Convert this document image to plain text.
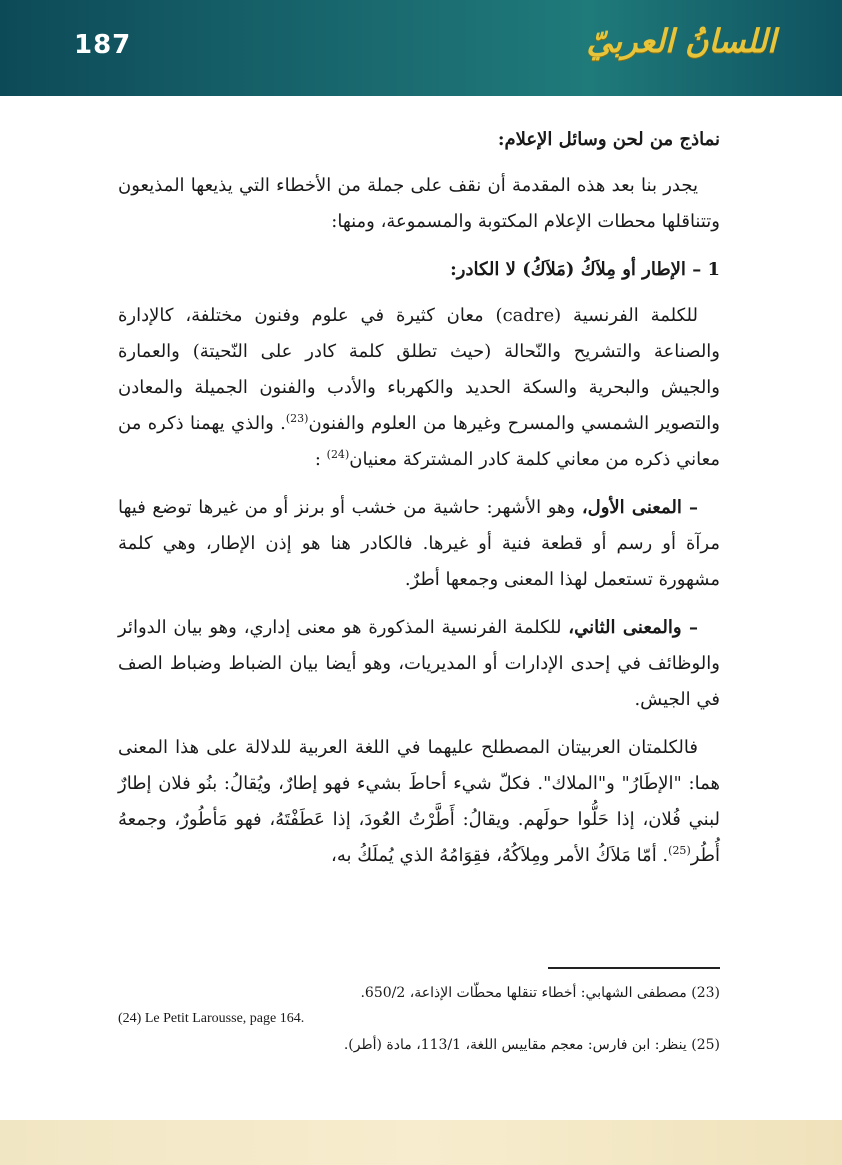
187	اللسانُ العربيّ
نماذج من لحن وسائل الإعلام:

يجدر بنا بعد هذه المقدمة أن نقف على جملة من الأخطاء التي يذيعها المذيعون وتتناقلها محطات الإعلام المكتوبة والمسموعة، ومنها:

1 – الإطار أو مِلاَكُ (مَلاَكُ) لا الكادر:

للكلمة الفرنسية (cadre) معان كثيرة في علوم وفنون مختلفة، كالإدارة والصناعة والتشريح والنّحالة (حيث تطلق كلمة كادر على النّحيتة) والعمارة والجيش والبحرية والسكة الحديد والكهرباء والأدب والفنون الجميلة والمعادن والتصوير الشمسي والمسرح وغيرها من العلوم والفنون$^{(23)}$. والذي يهمنا ذكره من معاني ذكره من معاني كلمة كادر المشتركة معنيان$^{(24)}$ :

– المعنى الأول، وهو الأشهر: حاشية من خشب أو برنز أو من غيرها توضع فيها مرآة أو رسم أو قطعة فنية أو غيرها. فالكادر هنا هو إذن الإطار، وهي كلمة مشهورة تستعمل لهذا المعنى وجمعها أطرٌ.

– والمعنى الثاني، للكلمة الفرنسية المذكورة هو معنى إداري، وهو بيان الدوائر والوظائف في إحدى الإدارات أو المديريات، وهو أيضا بيان الضباط وضباط الصف في الجيش.

فالكلمتان العربيتان المصطلح عليهما في اللغة العربية للدلالة على هذا المعنى هما: "الإطَارُ" و"الملاك". فكلّ شيء أحاطَ بشيء فهو إطارٌ، ويُقالُ: بنُو فلان إطارٌ لبني فُلان، إذا حَلُّوا حولَهم. ويقالُ: أَطَّرْتُ العُودَ، إذا عَطَفْتَهُ، فهو مَأطُورٌ، وجمعهُ أُطُر$^{(25)}$. أمّا مَلاَكُ الأمر ومِلاَكُهُ، فقِوَامُهُ الذي يُملَكُ به،

(23) مصطفى الشهابي: أخطاء تنقلها محطّات الإذاعة، 650/2.
(24) Le Petit Larousse, page 164.
(25) ينظر: ابن فارس: معجم مقاييس اللغة، 113/1، مادة (أطر).
